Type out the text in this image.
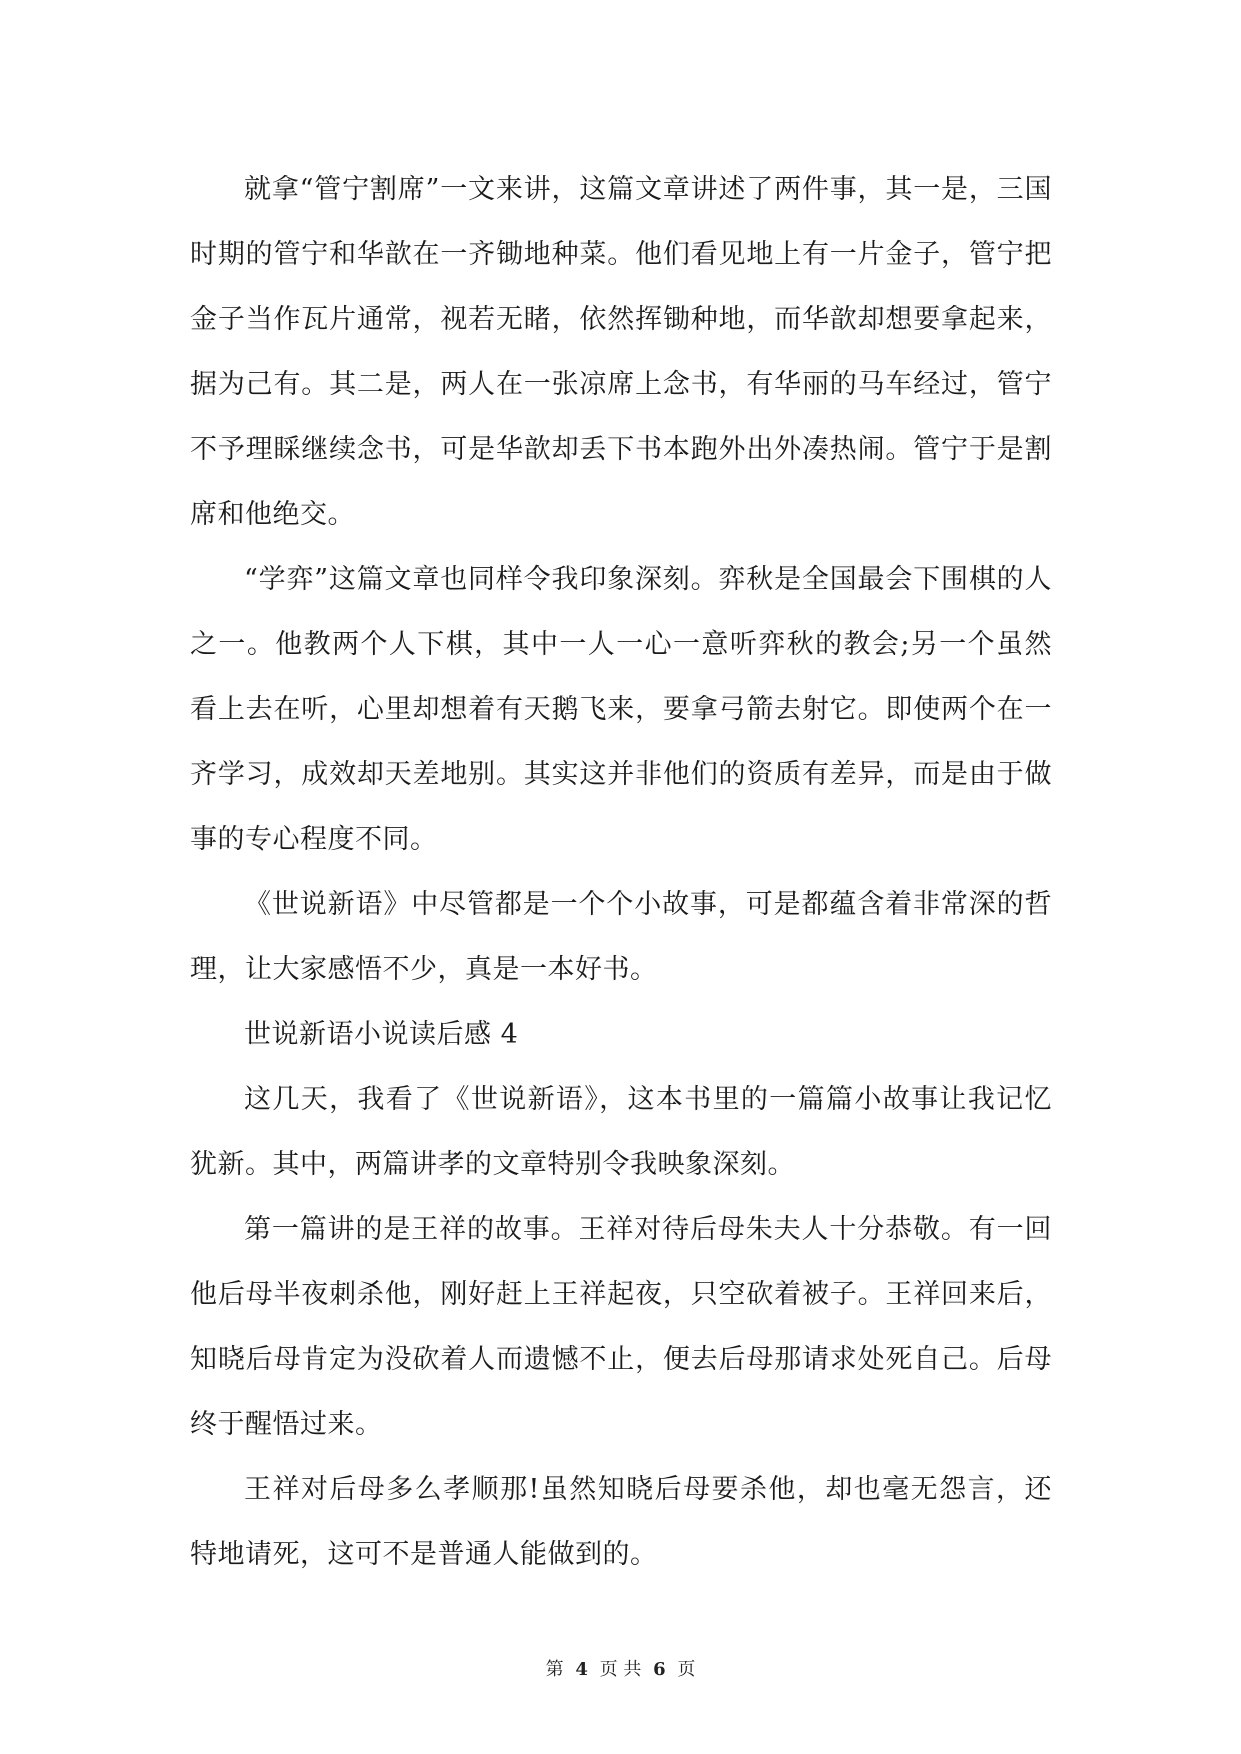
就拿“管宁割席”一文来讲，这篇文章讲述了两件事，其一是，三国时期的管宁和华歆在一齐锄地种菜。他们看见地上有一片金子，管宁把金子当作瓦片通常，视若无睹，依然挥锄种地，而华歆却想要拿起来，据为己有。其二是，两人在一张凉席上念书，有华丽的马车经过，管宁不予理睬继续念书，可是华歆却丢下书本跑外出外凑热闹。管宁于是割席和他绝交。

“学弈”这篇文章也同样令我印象深刻。弈秋是全国最会下围棋的人之一。他教两个人下棋，其中一人一心一意听弈秋的教会;另一个虽然看上去在听，心里却想着有天鹅飞来，要拿弓箭去射它。即使两个在一齐学习，成效却天差地别。其实这并非他们的资质有差异，而是由于做事的专心程度不同。

《世说新语》中尽管都是一个个小故事，可是都蕴含着非常深的哲理，让大家感悟不少，真是一本好书。

世说新语小说读后感 4

这几天，我看了《世说新语》，这本书里的一篇篇小故事让我记忆犹新。其中，两篇讲孝的文章特别令我映象深刻。

第一篇讲的是王祥的故事。王祥对待后母朱夫人十分恭敬。有一回他后母半夜刺杀他，刚好赶上王祥起夜，只空砍着被子。王祥回来后，知晓后母肯定为没砍着人而遗憾不止，便去后母那请求处死自己。后母终于醒悟过来。

王祥对后母多么孝顺那!虽然知晓后母要杀他，却也毫无怨言，还特地请死，这可不是普通人能做到的。

第 4 页 共 6 页
